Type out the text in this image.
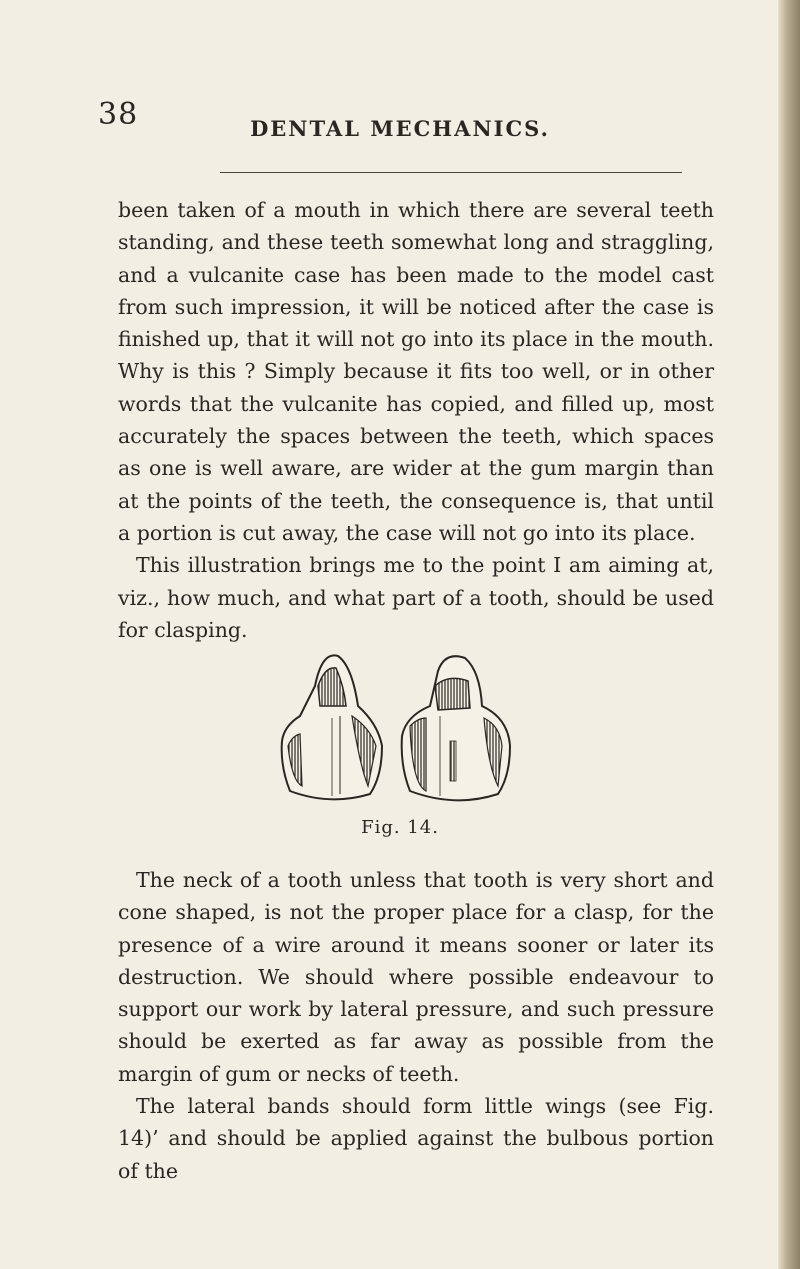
38	DENTAL MECHANICS.

been taken of a mouth in which there are several teeth standing, and these teeth somewhat long and straggling, and a vulcanite case has been made to the model cast from such impression, it will be noticed after the case is finished up, that it will not go into its place in the mouth. Why is this ? Simply because it fits too well, or in other words that the vulcanite has copied, and filled up, most accurately the spaces between the teeth, which spaces as one is well aware, are wider at the gum margin than at the points of the teeth, the consequence is, that until a portion is cut away, the case will not go into its place.

This illustration brings me to the point I am aiming at, viz., how much, and what part of a tooth, should be used for clasping.

Fig. 14.

The neck of a tooth unless that tooth is very short and cone shaped, is not the proper place for a clasp, for the presence of a wire around it means sooner or later its destruction. We should where possible endeavour to support our work by lateral pressure, and such pressure should be exerted as far away as possible from the margin of gum or necks of teeth.

The lateral bands should form little wings (see Fig. 14)’ and should be applied against the bulbous portion of the
